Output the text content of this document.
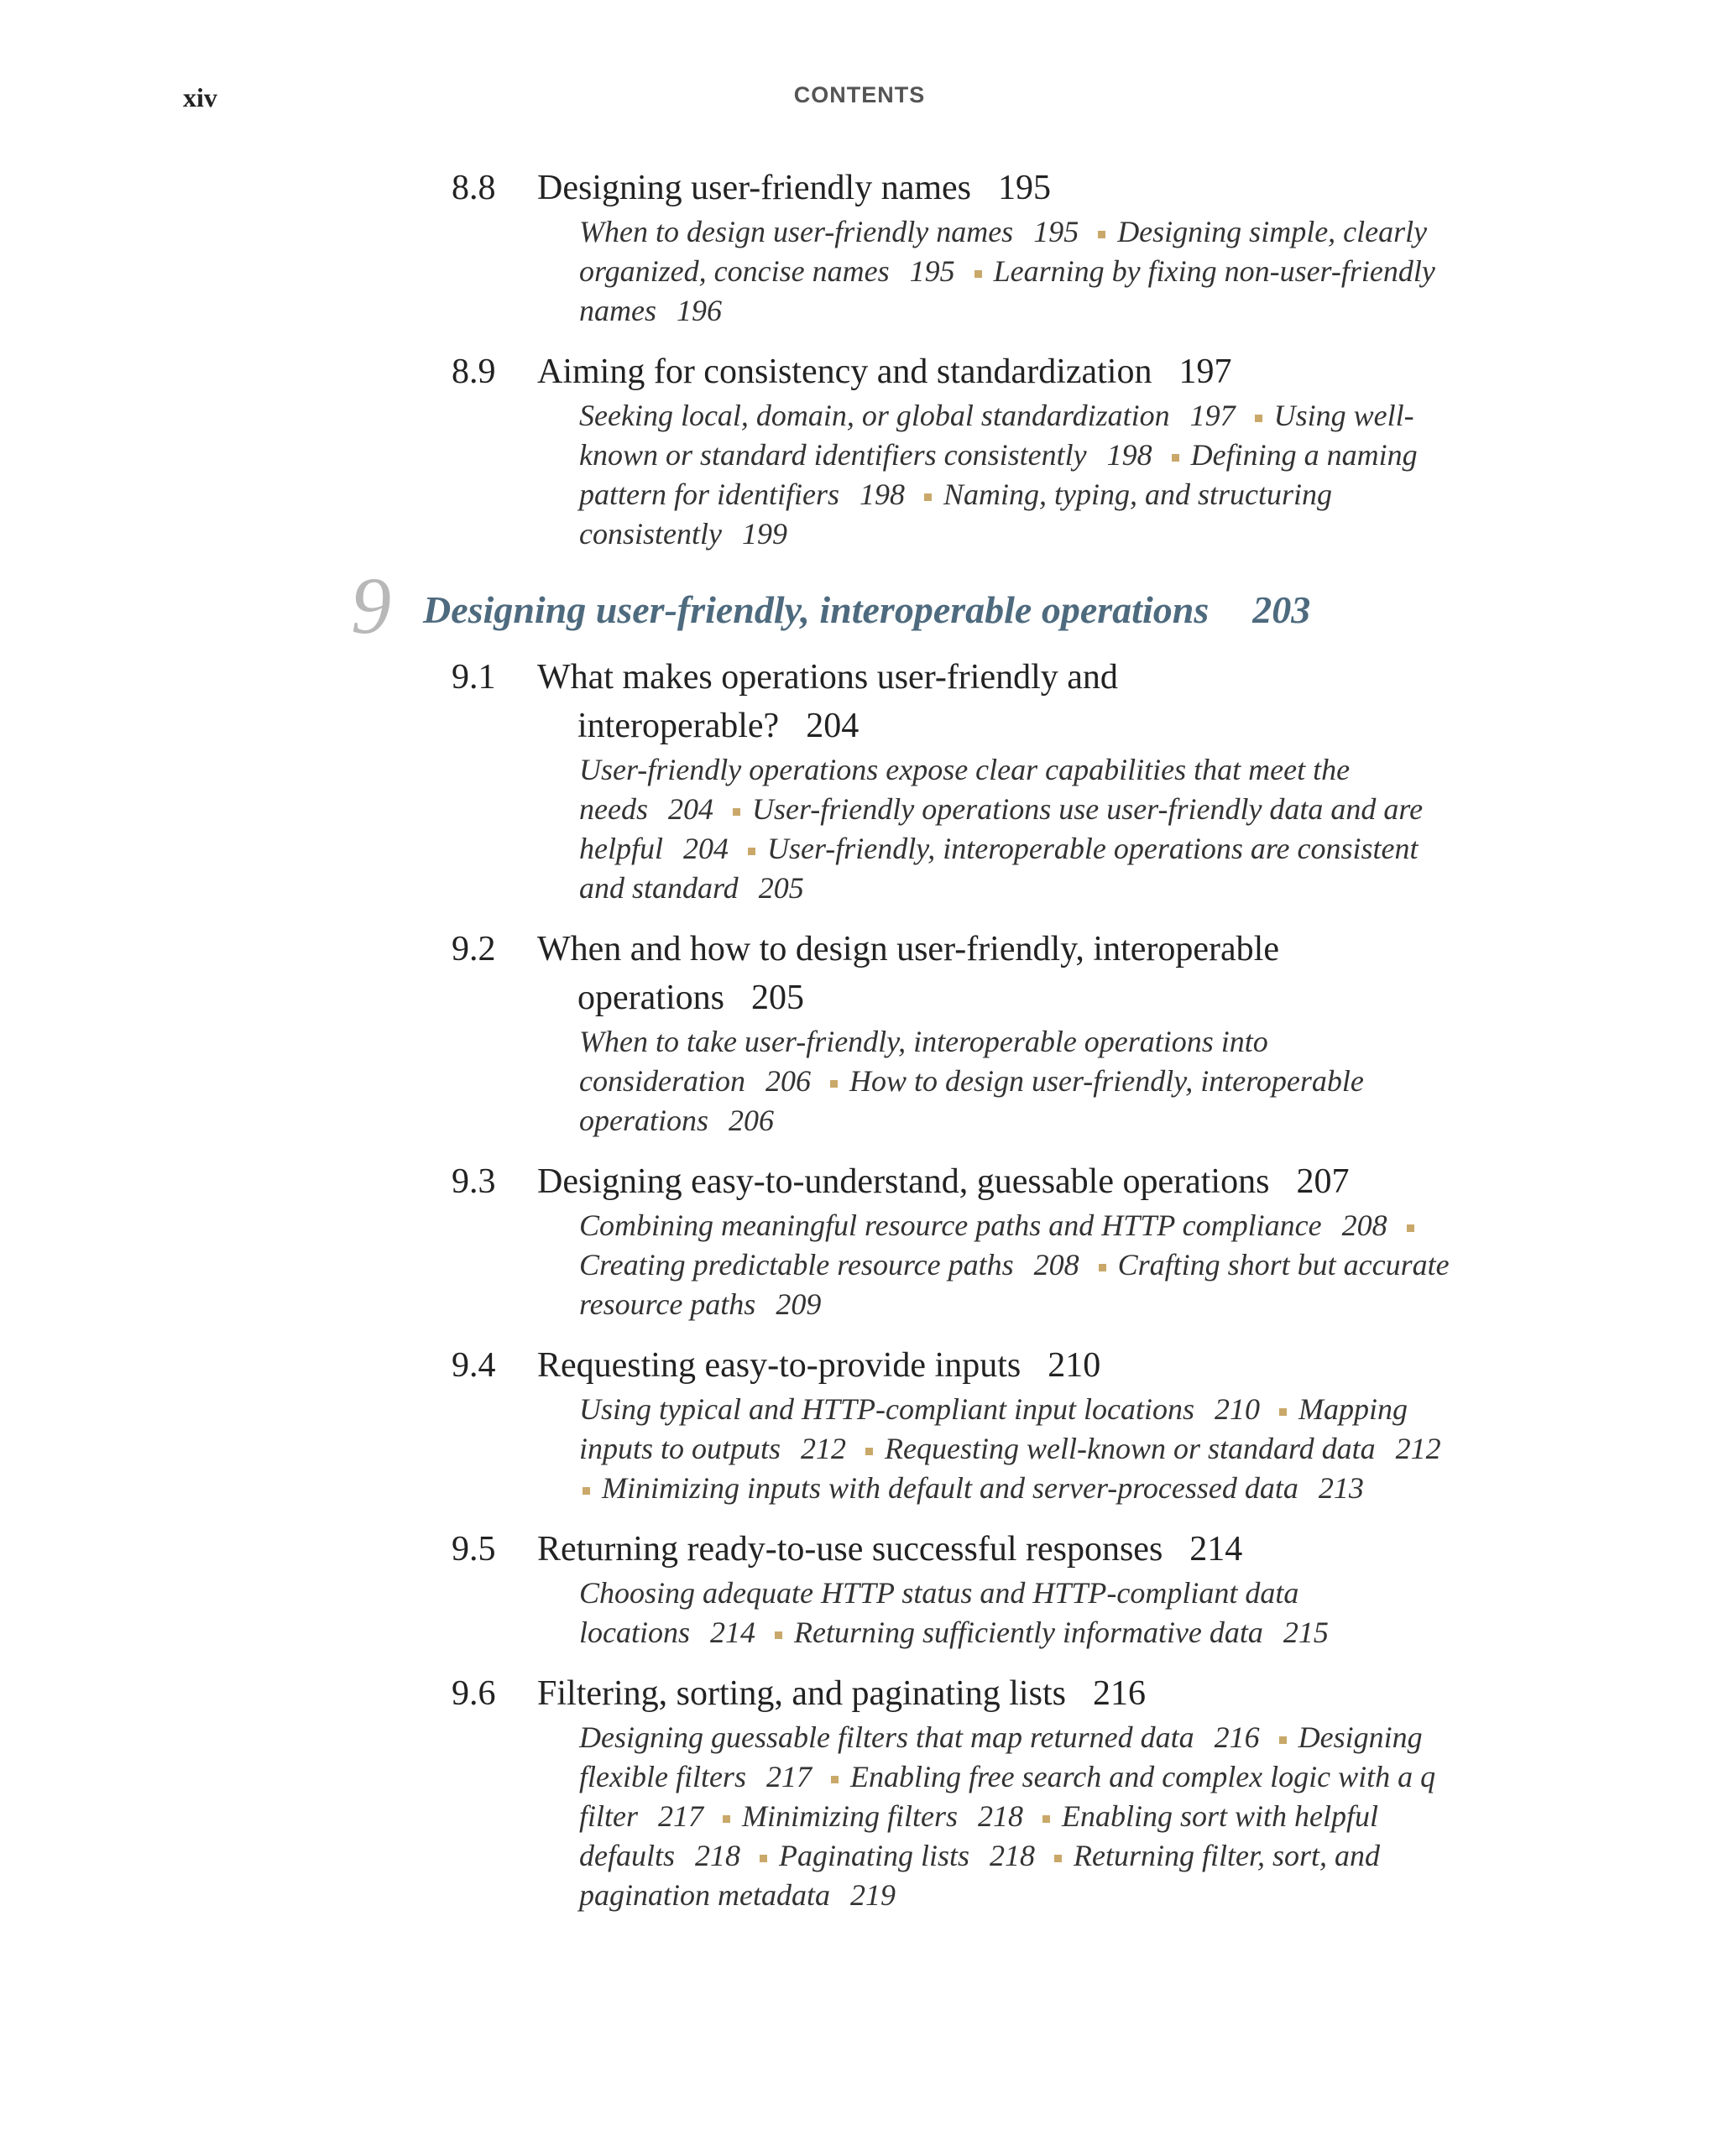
xiv	CONTENTS
8.8 Designing user-friendly names 195
When to design user-friendly names 195 Designing simple, clearly organized, concise names 195 Learning by fixing non-user-friendly names 196
8.9 Aiming for consistency and standardization 197
Seeking local, domain, or global standardization 197 Using well-known or standard identifiers consistently 198 Defining a naming pattern for identifiers 198 Naming, typing, and structuring consistently 199
9 Designing user-friendly, interoperable operations 203
9.1 What makes operations user-friendly and
interoperable? 204
User-friendly operations expose clear capabilities that meet the needs 204 User-friendly operations use user-friendly data and are helpful 204 User-friendly, interoperable operations are consistent and standard 205
9.2 When and how to design user-friendly, interoperable
operations 205
When to take user-friendly, interoperable operations into consideration 206 How to design user-friendly, interoperable operations 206
9.3 Designing easy-to-understand, guessable operations 207
Combining meaningful resource paths and HTTP compliance 208 Creating predictable resource paths 208 Crafting short but accurate resource paths 209
9.4 Requesting easy-to-provide inputs 210
Using typical and HTTP-compliant input locations 210 Mapping inputs to outputs 212 Requesting well-known or standard data 212 Minimizing inputs with default and server-processed data 213
9.5 Returning ready-to-use successful responses 214
Choosing adequate HTTP status and HTTP-compliant data locations 214 Returning sufficiently informative data 215
9.6 Filtering, sorting, and paginating lists 216
Designing guessable filters that map returned data 216 Designing flexible filters 217 Enabling free search and complex logic with a q filter 217 Minimizing filters 218 Enabling sort with helpful defaults 218 Paginating lists 218 Returning filter, sort, and pagination metadata 219
